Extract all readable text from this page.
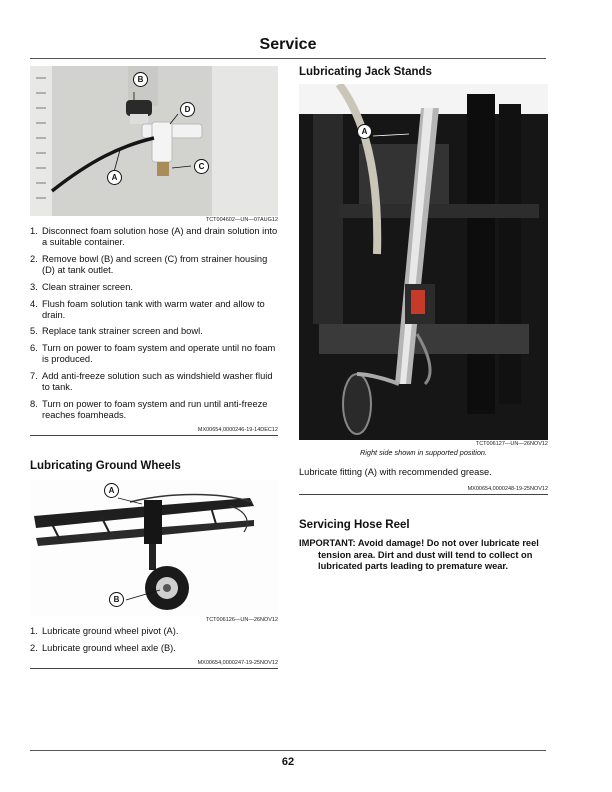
Service
B
D
A
C
TCT004602—UN—07AUG12
1. Disconnect foam solution hose (A) and drain solution into a suitable container.
2. Remove bowl (B) and screen (C) from strainer housing (D) at tank outlet.
3. Clean strainer screen.
4. Flush foam solution tank with warm water and allow to drain.
5. Replace tank strainer screen and bowl.
6. Turn on power to foam system and operate until no foam is produced.
7. Add anti-freeze solution such as windshield washer fluid to tank.
8. Turn on power to foam system and run until anti-freeze reaches foamheads.
MX00654,0000246-19-14DEC12
Lubricating Ground Wheels
A
B
TCT006126—UN—26NOV12
1. Lubricate ground wheel pivot (A).
2. Lubricate ground wheel axle (B).
MX00654,0000247-19-25NOV12
Lubricating Jack Stands
A
TCT006127—UN—26NOV12
Right side shown in supported position.

Lubricate fitting (A) with recommended grease.

MX00654,0000248-19-25NOV12
Servicing Hose Reel

IMPORTANT: Avoid damage! Do not over lubricate reel tension area. Dirt and dust will tend to collect on lubricated parts leading to premature wear.

62
